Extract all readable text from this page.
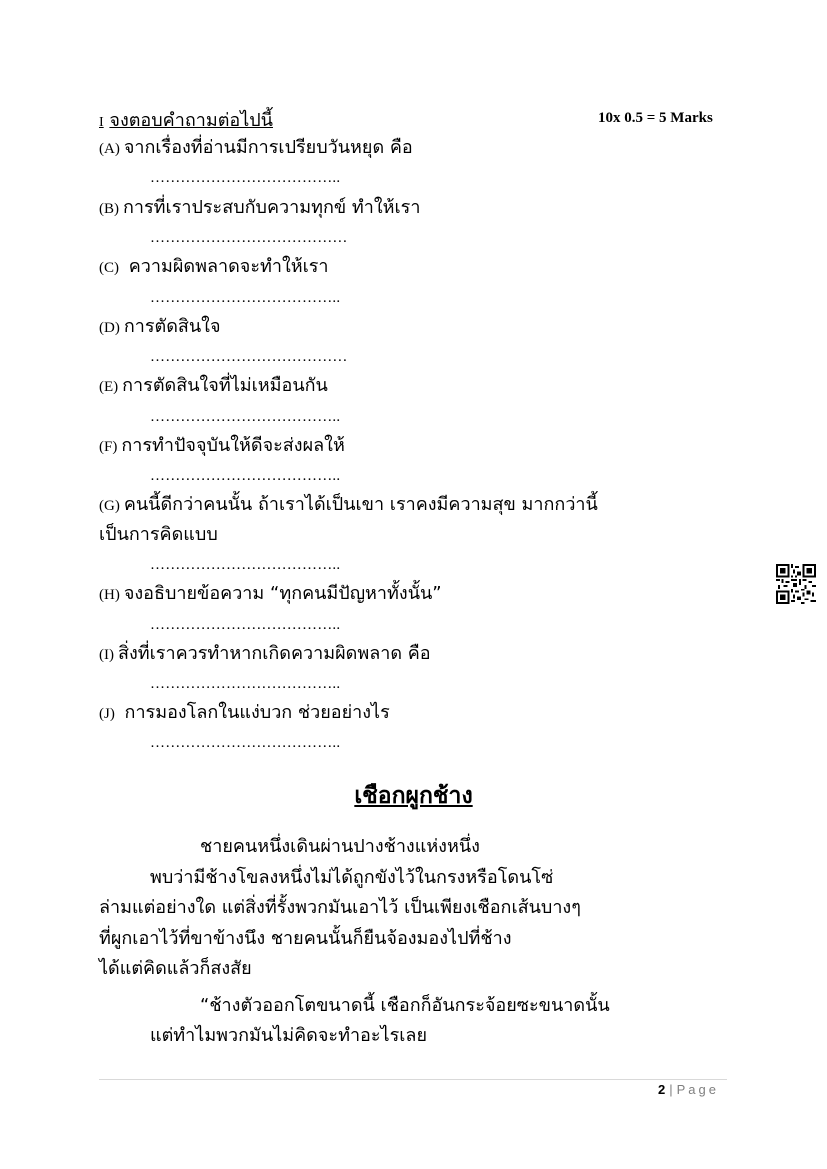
I จงตอบคำถามต่อไปนี้	10x 0.5 = 5 Marks
(A) จากเรื่องที่อ่านมีการเปรียบวันหยุด คือ
………………………………..
(B) การที่เราประสบกับความทุกข์ ทำให้เรา
…………………………………
(C) ความผิดพลาดจะทำให้เรา
………………………………..
(D) การตัดสินใจ
…………………………………
(E) การตัดสินใจที่ไม่เหมือนกัน
………………………………..
(F) การทำปัจจุบันให้ดีจะส่งผลให้
………………………………..
(G) คนนี้ดีกว่าคนนั้น ถ้าเราได้เป็นเขา เราคงมีความสุข มากกว่านี้
เป็นการคิดแบบ
………………………………..
(H) จงอธิบายข้อความ “ทุกคนมีปัญหาทั้งนั้น”
………………………………..
(I) สิ่งที่เราควรทำหากเกิดความผิดพลาด คือ
………………………………..
(J) การมองโลกในแง่บวก ช่วยอย่างไร
………………………………..
เชือกผูกช้าง
ชายคนหนึ่งเดินผ่านปางช้างแห่งหนึ่ง
พบว่ามีช้างโขลงหนึ่งไม่ได้ถูกขังไว้ในกรงหรือโดนโซ่
ล่ามแต่อย่างใด แต่สิ่งที่รั้งพวกมันเอาไว้ เป็นเพียงเชือกเส้นบางๆ
ที่ผูกเอาไว้ที่ขาข้างนึง ชายคนนั้นก็ยืนจ้องมองไปที่ช้าง
ได้แต่คิดแล้วก็สงสัย
“ช้างตัวออกโตขนาดนี้ เชือกก็อันกระจ้อยซะขนาดนั้น
แต่ทำไมพวกมันไม่คิดจะทำอะไรเลย
2 | Page
